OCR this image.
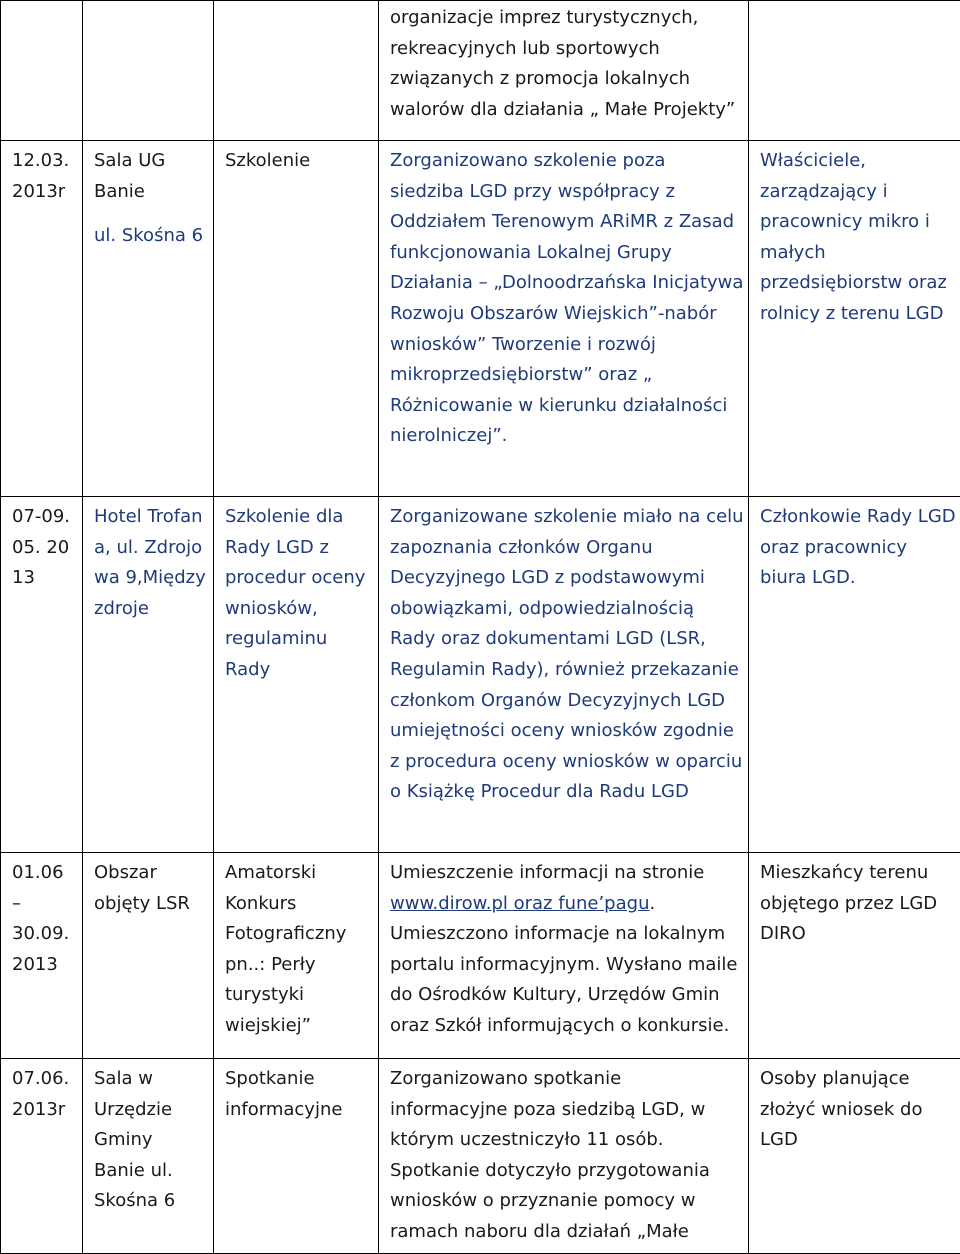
			organizacje imprez turystycznych, rekreacyjnych lub sportowych związanych z promocja lokalnych walorów dla działania „ Małe Projekty”	

12.03. 2013r	Sala UG Banie
ul. Skośna 6	Szkolenie	Zorganizowano szkolenie poza siedziba LGD przy współpracy z Oddziałem Terenowym ARiMR z Zasad funkcjonowania Lokalnej Grupy Działania – „Dolnoodrzańska Inicjatywa Rozwoju Obszarów Wiejskich”-nabór wniosków” Tworzenie i rozwój mikroprzedsiębiorstw” oraz „ Różnicowanie w kierunku działalności nierolniczej”.	Właściciele, zarządzający i pracownicy mikro i małych przedsiębiorstw oraz rolnicy z terenu LGD

07-09.05. 2013	Hotel Trofana, ul. Zdrojowa 9,Międzyzdroje	Szkolenie dla Rady LGD z procedur oceny wniosków, regulaminu Rady	Zorganizowane szkolenie miało na celu zapoznania członków Organu Decyzyjnego LGD z podstawowymi obowiązkami, odpowiedzialnością Rady oraz dokumentami LGD (LSR, Regulamin Rady), również przekazanie członkom Organów Decyzyjnych LGD umiejętności oceny wniosków zgodnie z procedura oceny wniosków w oparciu o Książkę Procedur dla Radu LGD	Członkowie Rady LGD oraz pracownicy biura LGD.

01.06 – 30.09. 2013	Obszar objęty LSR	Amatorski Konkurs Fotograficzny pn..: Perły turystyki wiejskiej”	Umieszczenie informacji na stronie www.dirow.pl oraz fune’pagu. Umieszczono informacje na lokalnym portalu informacyjnym. Wysłano maile do Ośrodków Kultury, Urzędów Gmin oraz Szkół informujących o konkursie.	Mieszkańcy terenu objętego przez LGD DIRO

07.06. 2013r	Sala w Urzędzie Gminy Banie ul. Skośna 6	Spotkanie informacyjne	Zorganizowano spotkanie informacyjne poza siedzibą LGD, w którym uczestniczyło 11 osób. Spotkanie dotyczyło przygotowania wniosków o przyznanie pomocy w ramach naboru dla działań „Małe	Osoby planujące złożyć wniosek do LGD
